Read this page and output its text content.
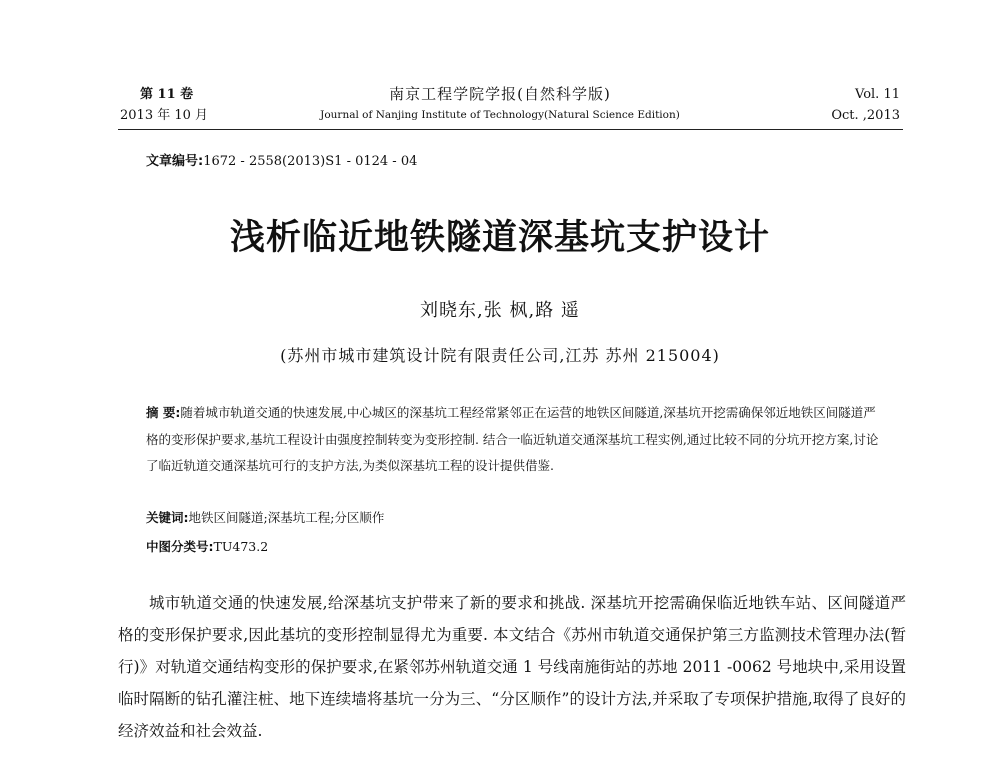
第 11 卷
2013 年 10 月
南京工程学院学报(自然科学版)
Journal of Nanjing Institute of Technology(Natural Science Edition)
Vol. 11
Oct. ,2013
文章编号:1672 - 2558(2013)S1 - 0124 - 04
浅析临近地铁隧道深基坑支护设计
刘晓东,张 枫,路 遥
(苏州市城市建筑设计院有限责任公司,江苏 苏州 215004)
摘 要:随着城市轨道交通的快速发展,中心城区的深基坑工程经常紧邻正在运营的地铁区间隧道,深基坑开挖需确保邻近地铁区间隧道严格的变形保护要求,基坑工程设计由强度控制转变为变形控制. 结合一临近轨道交通深基坑工程实例,通过比较不同的分坑开挖方案,讨论了临近轨道交通深基坑可行的支护方法,为类似深基坑工程的设计提供借鉴.
关键词:地铁区间隧道;深基坑工程;分区顺作
中图分类号:TU473.2
城市轨道交通的快速发展,给深基坑支护带来了新的要求和挑战. 深基坑开挖需确保临近地铁车站、区间隧道严格的变形保护要求,因此基坑的变形控制显得尤为重要. 本文结合《苏州市轨道交通保护第三方监测技术管理办法(暂行)》对轨道交通结构变形的保护要求,在紧邻苏州轨道交通 1 号线南施街站的苏地 2011 -0062 号地块中,采用设置临时隔断的钻孔灌注桩、地下连续墙将基坑一分为三、“分区顺作”的设计方法,并采取了专项保护措施,取得了良好的经济效益和社会效益.
